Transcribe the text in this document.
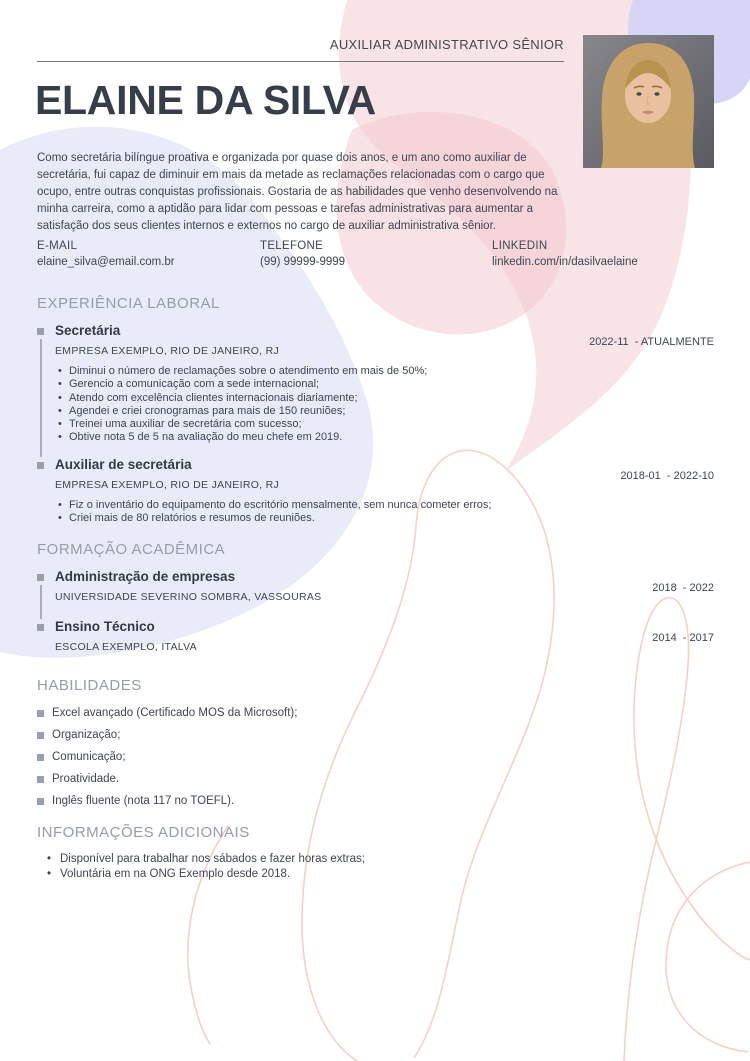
AUXILIAR ADMINISTRATIVO SÊNIOR
ELAINE DA SILVA

Como secretária bilíngue proativa e organizada por quase dois anos, e um ano como auxiliar de secretária, fui capaz de diminuir em mais da metade as reclamações relacionadas com o cargo que ocupo, entre outras conquistas profissionais. Gostaria de as habilidades que venho desenvolvendo na minha carreira, como a aptidão para lidar com pessoas e tarefas administrativas para aumentar a satisfação dos seus clientes internos e externos no cargo de auxiliar administrativa sênior.

E-MAIL
elaine_silva@email.com.br
TELEFONE
(99) 99999-9999
LINKEDIN
linkedin.com/in/dasilvaelaine
EXPERIÊNCIA LABORAL
Secretária
EMPRESA EXEMPLO, RIO DE JANEIRO, RJ
2022-11  - ATUALMENTE
• Diminui o número de reclamações sobre o atendimento em mais de 50%;
• Gerencio a comunicação com a sede internacional;
• Atendo com excelência clientes internacionais diariamente;
• Agendei e criei cronogramas para mais de 150 reuniões;
• Treinei uma auxiliar de secretária com sucesso;
• Obtive nota 5 de 5 na avaliação do meu chefe em 2019.
Auxiliar de secretária
EMPRESA EXEMPLO, RIO DE JANEIRO, RJ
2018-01  - 2022-10
• Fiz o inventário do equipamento do escritório mensalmente, sem nunca cometer erros;
• Criei mais de 80 relatórios e resumos de reuniões.
FORMAÇÃO ACADÊMICA
Administração de empresas
UNIVERSIDADE SEVERINO SOMBRA, VASSOURAS
2018  - 2022
Ensino Técnico
ESCOLA EXEMPLO, ITALVA
2014  - 2017
HABILIDADES
Excel avançado (Certificado MOS da Microsoft);
Organização;
Comunicação;
Proatividade.
Inglês fluente (nota 117 no TOEFL).
INFORMAÇÕES ADICIONAIS
• Disponível para trabalhar nos sábados e fazer horas extras;
• Voluntária em na ONG Exemplo desde 2018.
